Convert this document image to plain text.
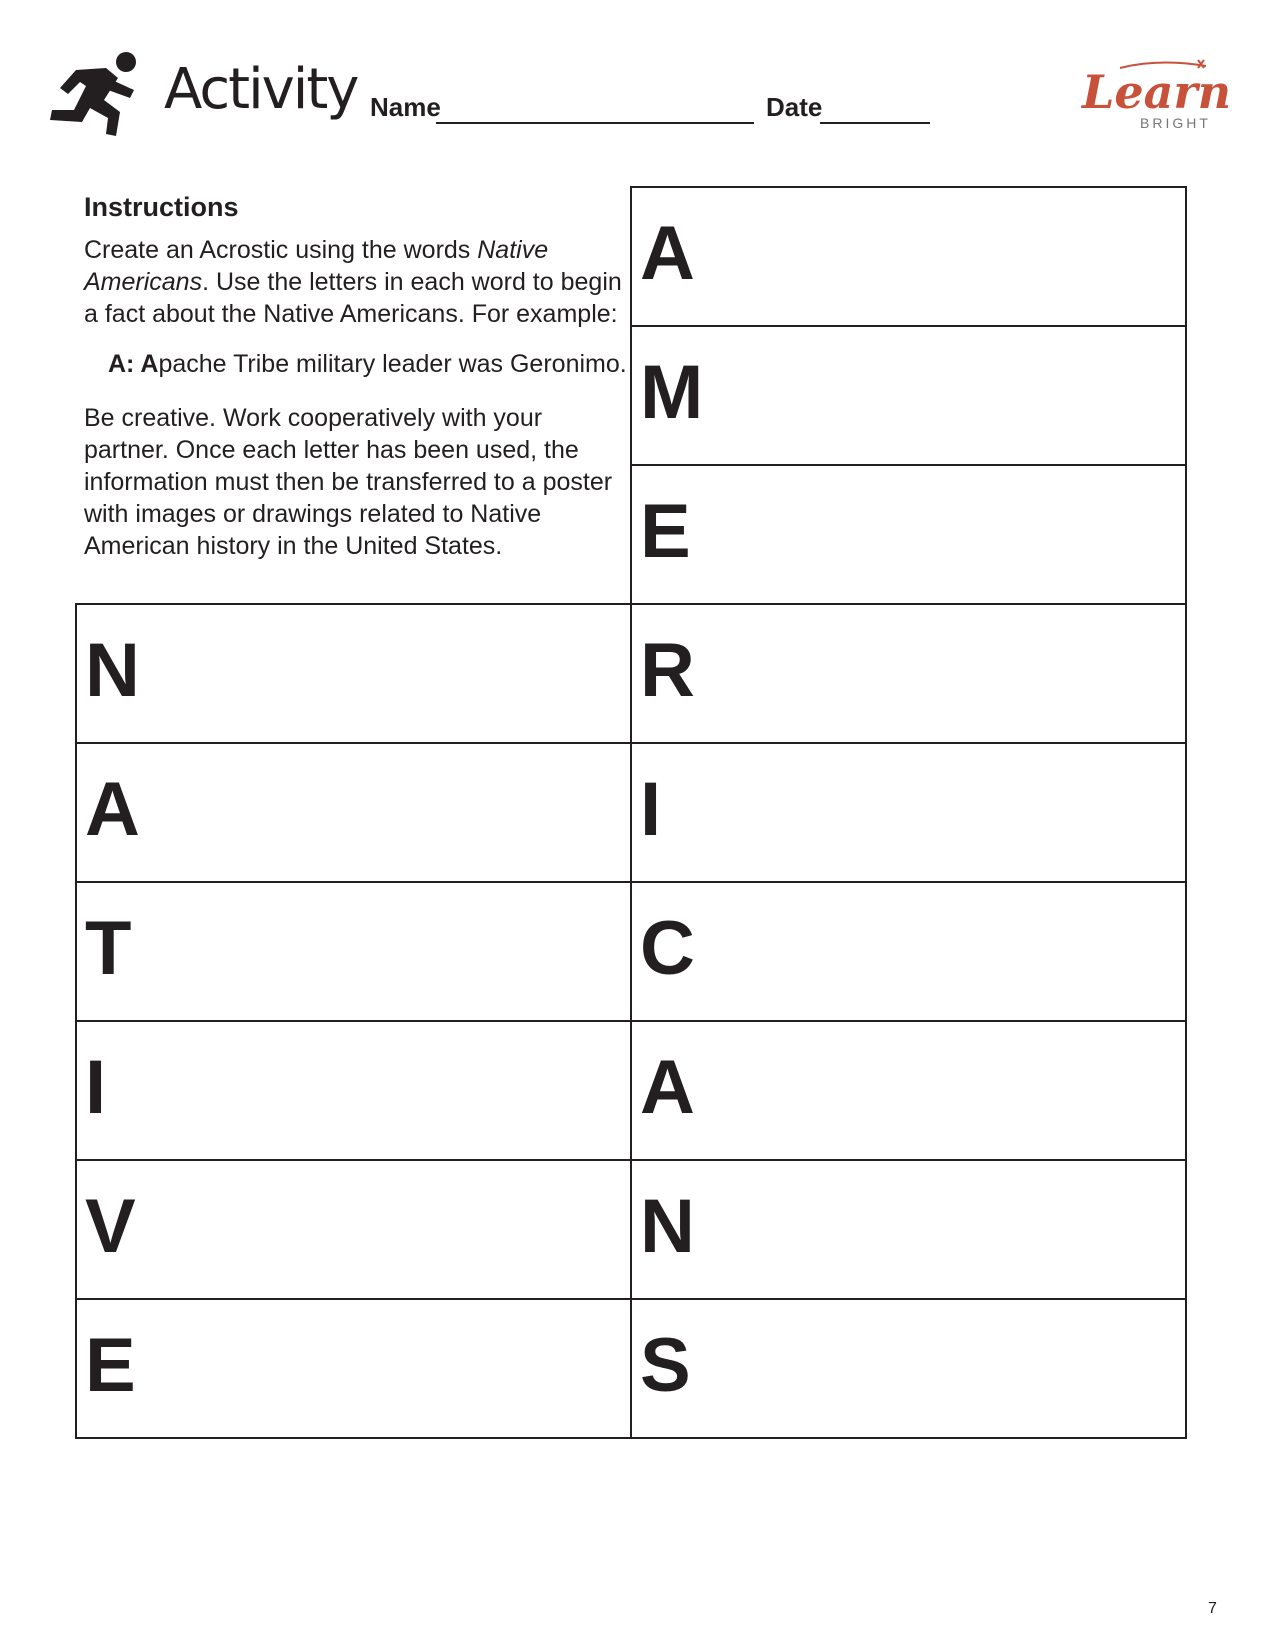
Activity Name	Date	Learn
BRIGHT
Instructions

Create an Acrostic using the words Native Americans. Use the letters in each word to begin a fact about the Native Americans. For example:

A: Apache Tribe military leader was Geronimo.

Be creative. Work cooperatively with your partner. Once each letter has been used, the information must then be transferred to a poster with images or drawings related to Native American history in the United States.

N
A
T
I
V
E
A
M
E
R
I
C
A
N
S
7
